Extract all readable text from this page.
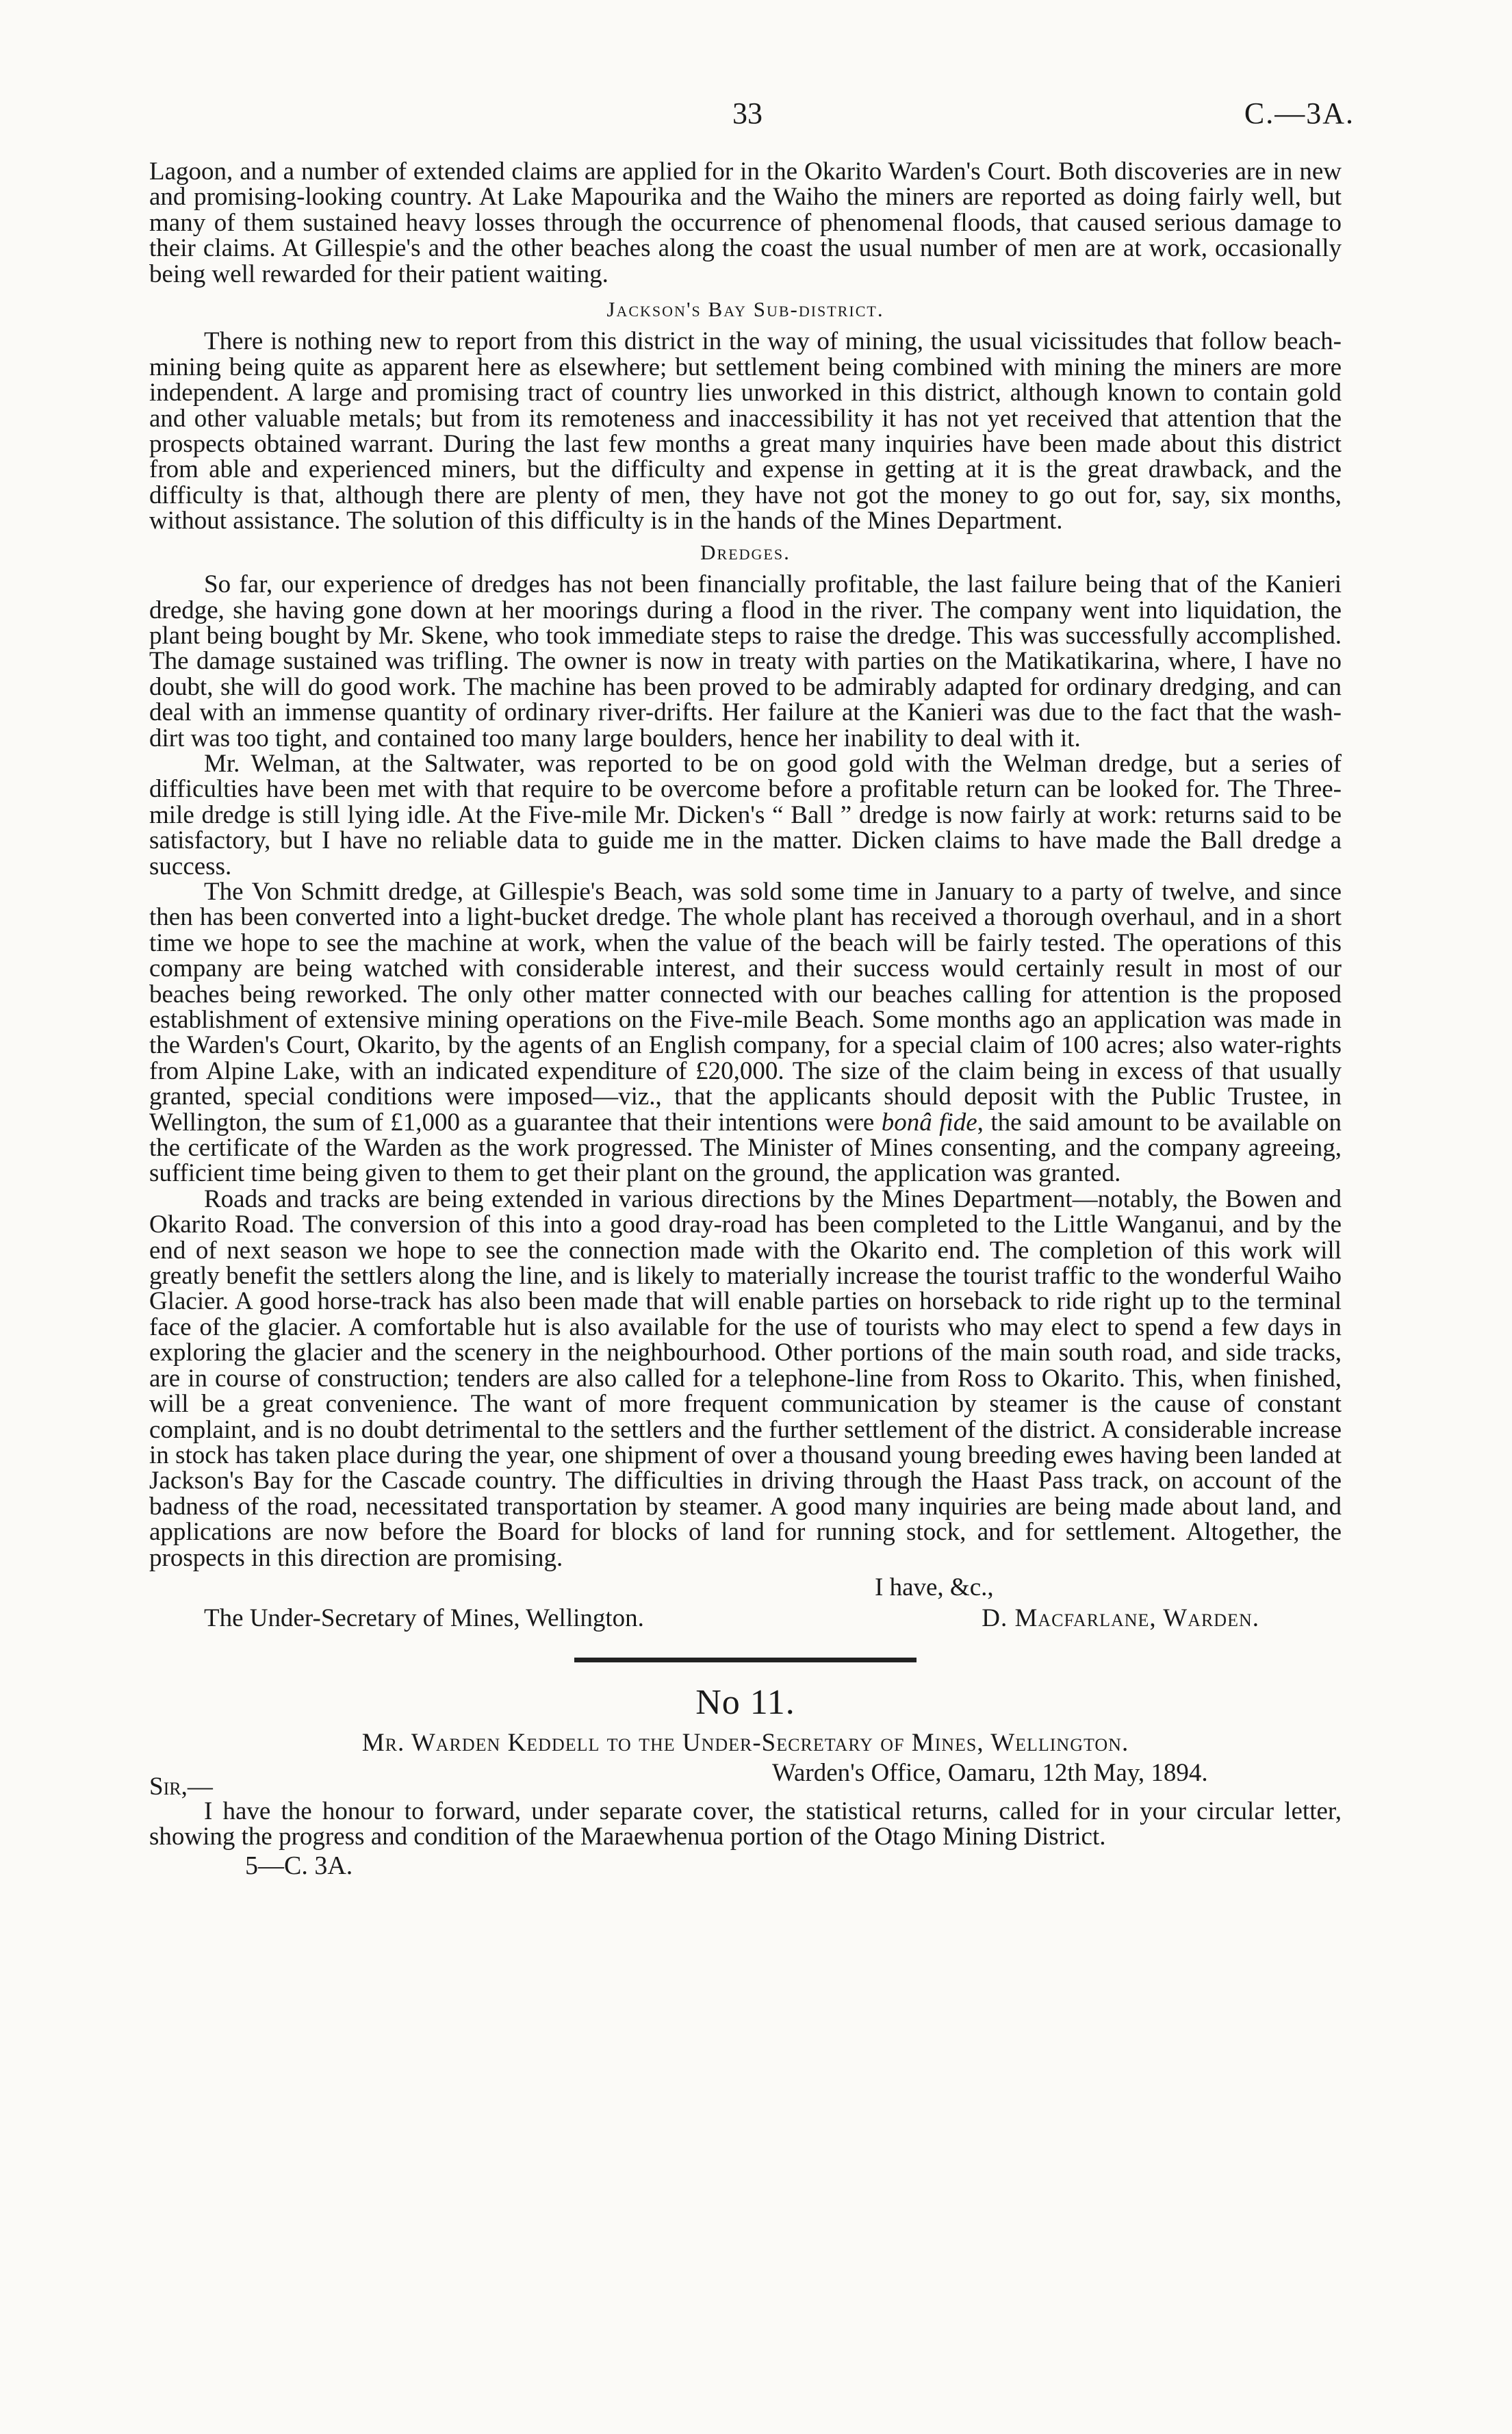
33	C.—3A.

Lagoon, and a number of extended claims are applied for in the Okarito Warden's Court. Both discoveries are in new and promising-looking country. At Lake Mapourika and the Waiho the miners are reported as doing fairly well, but many of them sustained heavy losses through the occurrence of phenomenal floods, that caused serious damage to their claims. At Gillespie's and the other beaches along the coast the usual number of men are at work, occasionally being well rewarded for their patient waiting.

Jackson's Bay Sub-district.

There is nothing new to report from this district in the way of mining, the usual vicissitudes that follow beach-mining being quite as apparent here as elsewhere; but settlement being combined with mining the miners are more independent. A large and promising tract of country lies unworked in this district, although known to contain gold and other valuable metals; but from its remoteness and inaccessibility it has not yet received that attention that the prospects obtained warrant. During the last few months a great many inquiries have been made about this district from able and experienced miners, but the difficulty and expense in getting at it is the great drawback, and the difficulty is that, although there are plenty of men, they have not got the money to go out for, say, six months, without assistance. The solution of this difficulty is in the hands of the Mines Department.

Dredges.

So far, our experience of dredges has not been financially profitable, the last failure being that of the Kanieri dredge, she having gone down at her moorings during a flood in the river. The company went into liquidation, the plant being bought by Mr. Skene, who took immediate steps to raise the dredge. This was successfully accomplished. The damage sustained was trifling. The owner is now in treaty with parties on the Matikatikarina, where, I have no doubt, she will do good work. The machine has been proved to be admirably adapted for ordinary dredging, and can deal with an immense quantity of ordinary river-drifts. Her failure at the Kanieri was due to the fact that the wash-dirt was too tight, and contained too many large boulders, hence her inability to deal with it.

Mr. Welman, at the Saltwater, was reported to be on good gold with the Welman dredge, but a series of difficulties have been met with that require to be overcome before a profitable return can be looked for. The Three-mile dredge is still lying idle. At the Five-mile Mr. Dicken's “ Ball ” dredge is now fairly at work: returns said to be satisfactory, but I have no reliable data to guide me in the matter. Dicken claims to have made the Ball dredge a success.

The Von Schmitt dredge, at Gillespie's Beach, was sold some time in January to a party of twelve, and since then has been converted into a light-bucket dredge. The whole plant has received a thorough overhaul, and in a short time we hope to see the machine at work, when the value of the beach will be fairly tested. The operations of this company are being watched with considerable interest, and their success would certainly result in most of our beaches being reworked. The only other matter connected with our beaches calling for attention is the proposed establishment of extensive mining operations on the Five-mile Beach. Some months ago an application was made in the Warden's Court, Okarito, by the agents of an English company, for a special claim of 100 acres; also water-rights from Alpine Lake, with an indicated expenditure of £20,000. The size of the claim being in excess of that usually granted, special conditions were imposed—viz., that the applicants should deposit with the Public Trustee, in Wellington, the sum of £1,000 as a guarantee that their intentions were bonâ fide, the said amount to be available on the certificate of the Warden as the work progressed. The Minister of Mines consenting, and the company agreeing, sufficient time being given to them to get their plant on the ground, the application was granted.

Roads and tracks are being extended in various directions by the Mines Department—notably, the Bowen and Okarito Road. The conversion of this into a good dray-road has been completed to the Little Wanganui, and by the end of next season we hope to see the connection made with the Okarito end. The completion of this work will greatly benefit the settlers along the line, and is likely to materially increase the tourist traffic to the wonderful Waiho Glacier. A good horse-track has also been made that will enable parties on horseback to ride right up to the terminal face of the glacier. A comfortable hut is also available for the use of tourists who may elect to spend a few days in exploring the glacier and the scenery in the neighbourhood. Other portions of the main south road, and side tracks, are in course of construction; tenders are also called for a telephone-line from Ross to Okarito. This, when finished, will be a great convenience. The want of more frequent communication by steamer is the cause of constant complaint, and is no doubt detrimental to the settlers and the further settlement of the district. A considerable increase in stock has taken place during the year, one shipment of over a thousand young breeding ewes having been landed at Jackson's Bay for the Cascade country. The difficulties in driving through the Haast Pass track, on account of the badness of the road, necessitated transportation by steamer. A good many inquiries are being made about land, and applications are now before the Board for blocks of land for running stock, and for settlement. Altogether, the prospects in this direction are promising.

I have, &c.,
The Under-Secretary of Mines, Wellington.	D. Macfarlane, Warden.
No 11.
Mr. Warden Keddell to the Under-Secretary of Mines, Wellington.
Sir,—	Warden's Office, Oamaru, 12th May, 1894.

I have the honour to forward, under separate cover, the statistical returns, called for in your circular letter, showing the progress and condition of the Maraewhenua portion of the Otago Mining District.

5—C. 3A.
